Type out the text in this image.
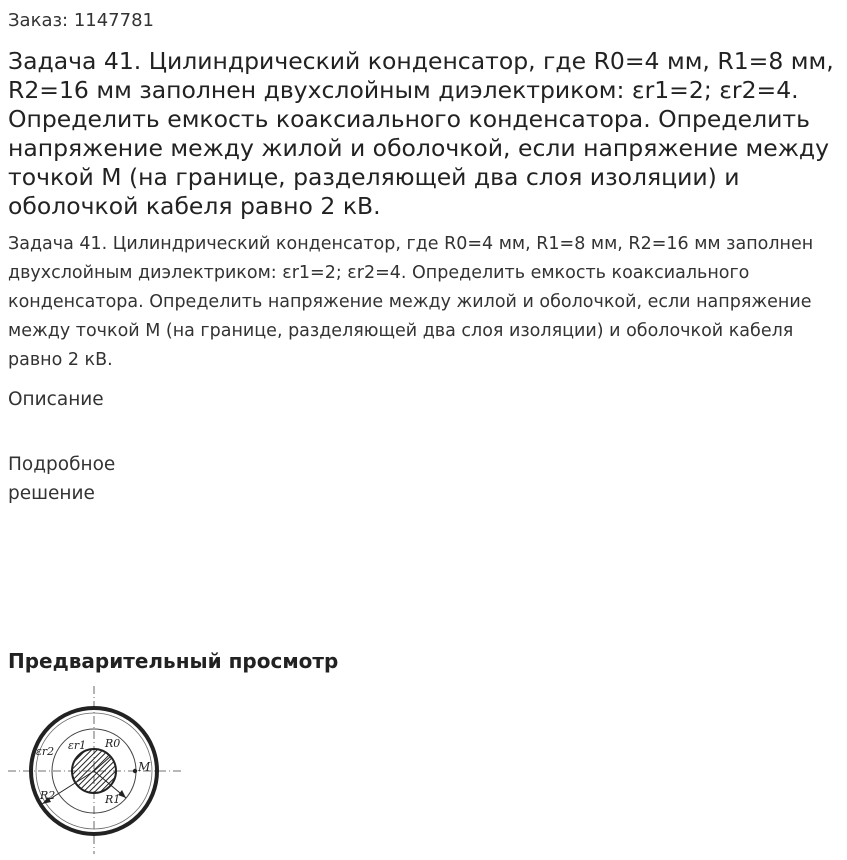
Заказ: 1147781
Задача 41. Цилиндрический конденсатор, где R0=4 мм, R1=8 мм, R2=16 мм заполнен двухслойным диэлектриком: εr1=2; εr2=4. Определить емкость коаксиального конденсатора. Определить напряжение между жилой и оболочкой, если напряжение между точкой М (на границе, разделяющей два слоя изоляции) и оболочкой кабеля равно 2 кВ.

Задача 41. Цилиндрический конденсатор, где R0=4 мм, R1=8 мм, R2=16 мм заполнен двухслойным диэлектриком: εr1=2; εr2=4. Определить емкость коаксиального конденсатора. Определить напряжение между жилой и оболочкой, если напряжение между точкой М (на границе, разделяющей два слоя изоляции) и оболочкой кабеля равно 2 кВ.

Описание
Подробное решение
Предварительный просмотр
εr2 εr1 R0
M
R2	R1
